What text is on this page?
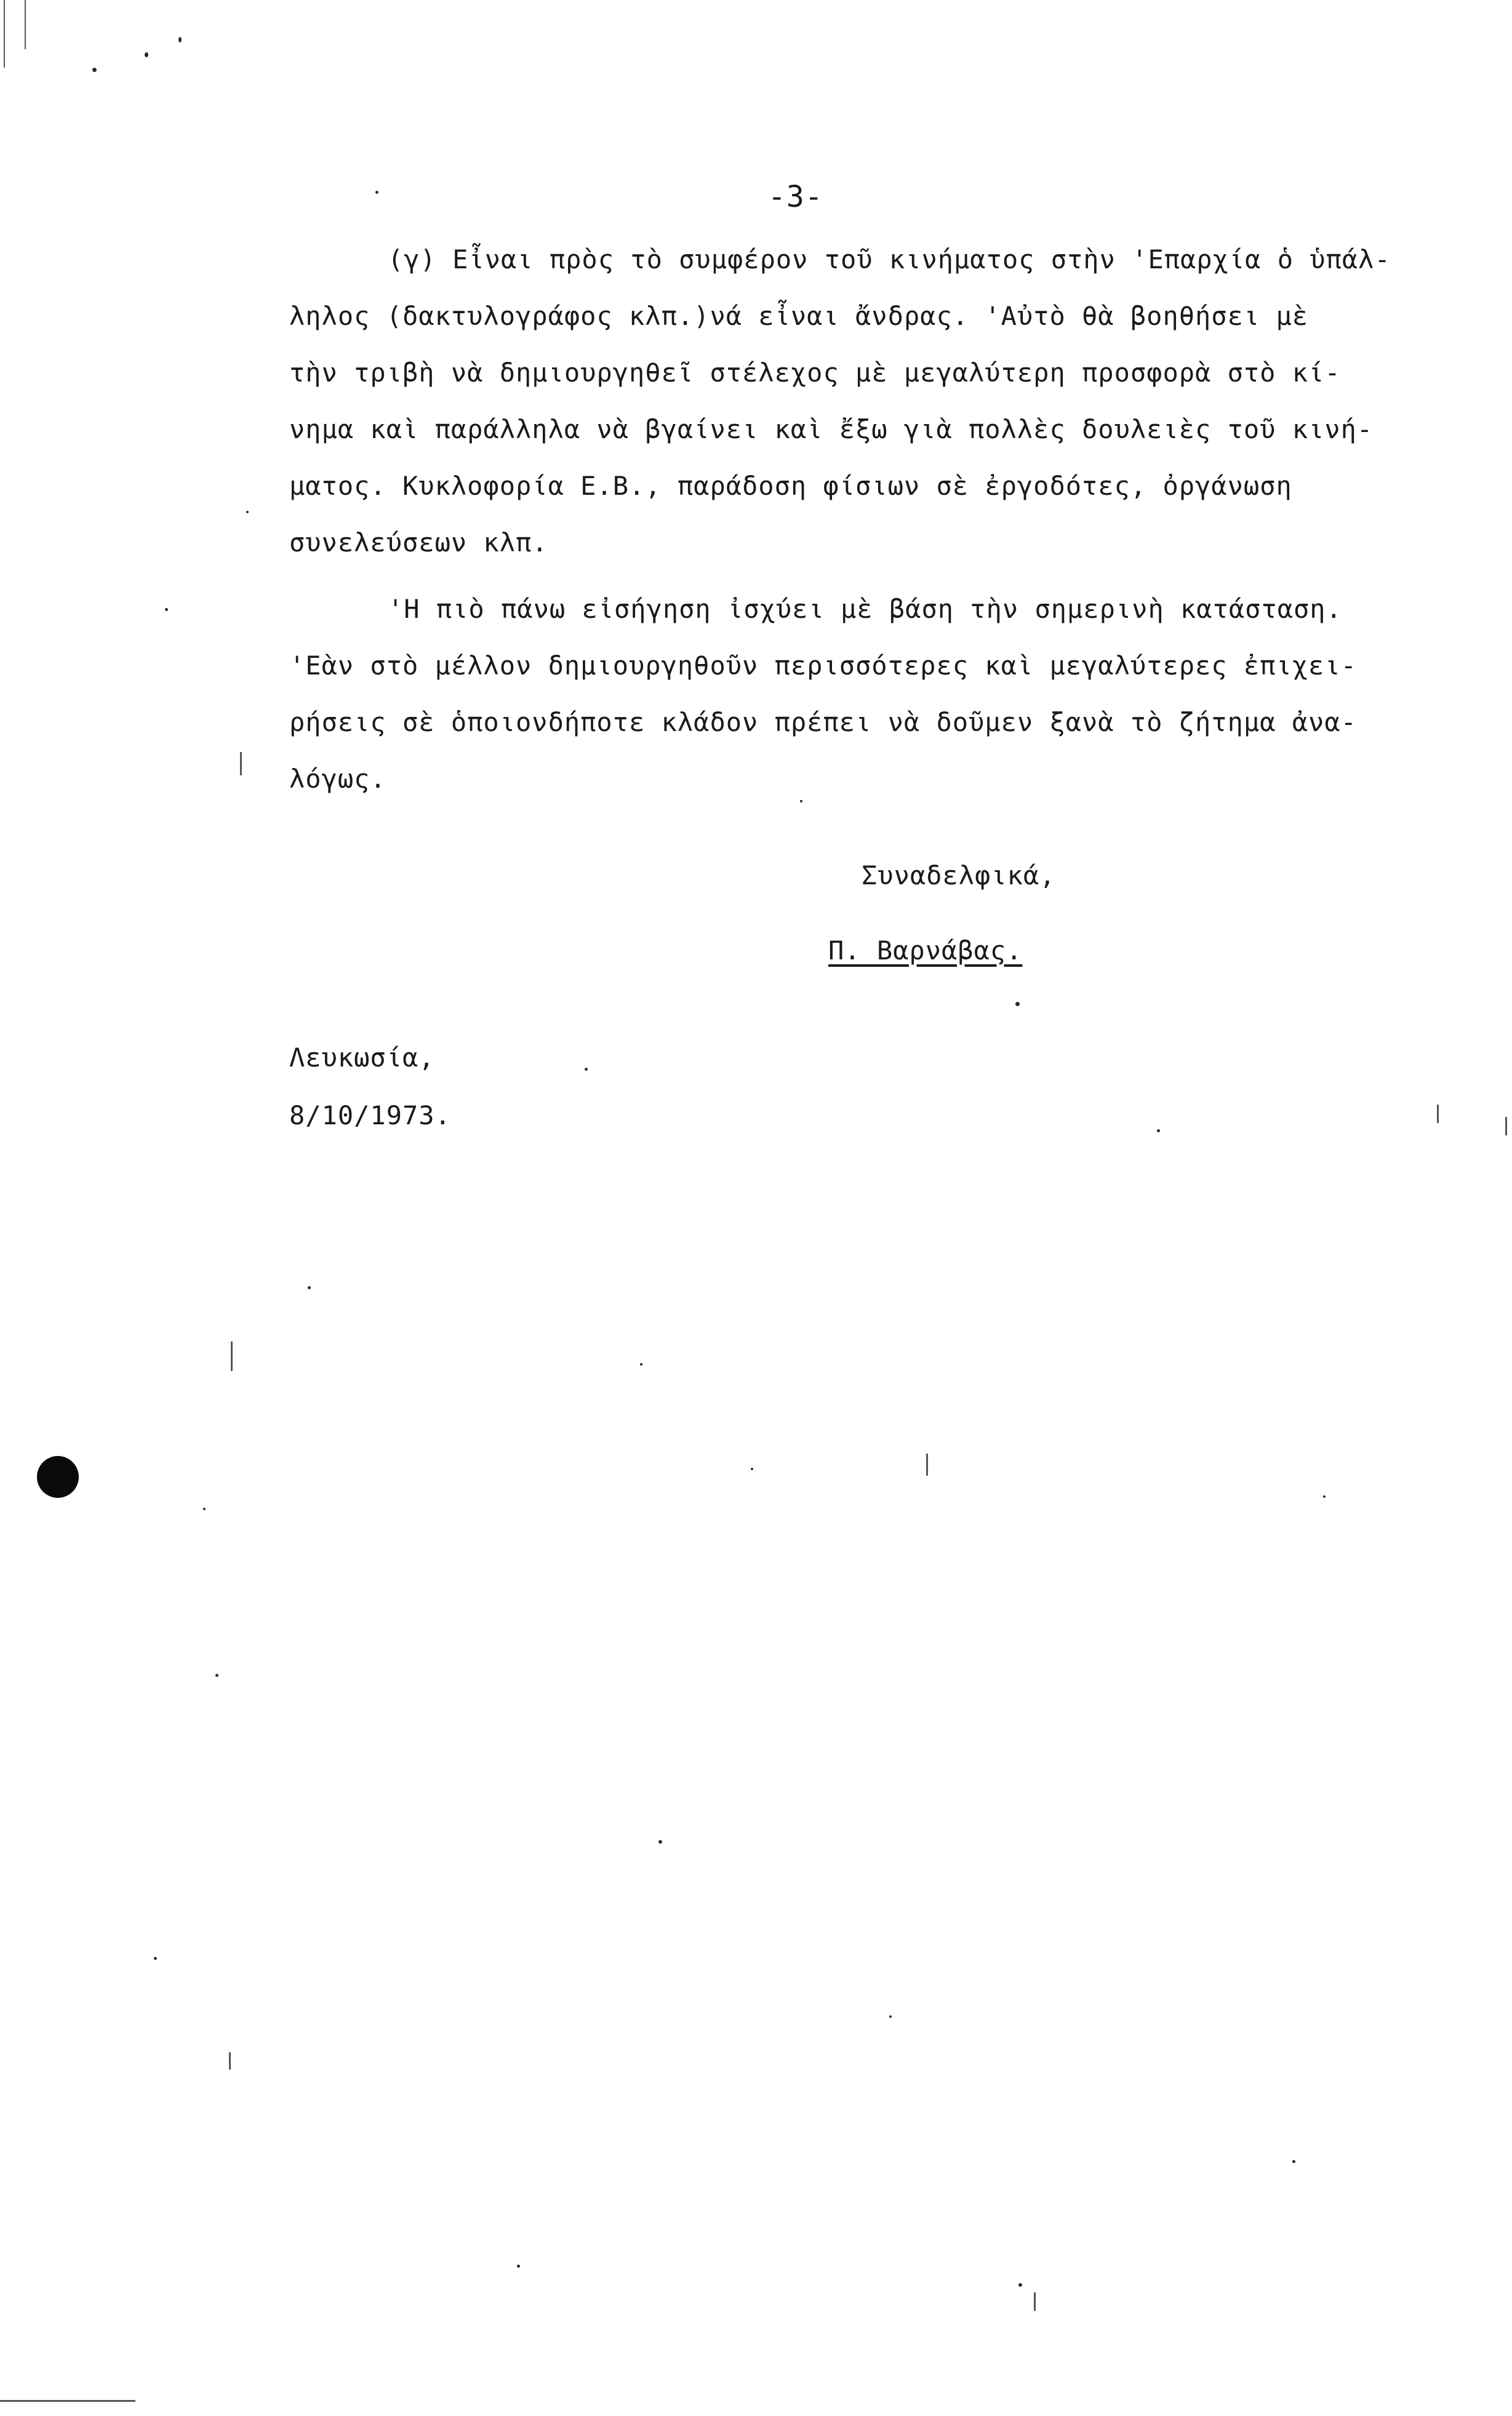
-3-
(γ) Εἶναι πρὸς τὸ συμφέρον τοῦ κινήματος στὴν 'Επαρχία ὁ ὑπάλ-
ληλος (δακτυλογράφος κλπ.)νά εἶναι ἄνδρας. 'Αὐτὸ θὰ βοηθήσει μὲ
τὴν τριβὴ νὰ δημιουργηθεῖ στέλεχος μὲ μεγαλύτερη προσφορὰ στὸ κί-
νημα καὶ παράλληλα νὰ βγαίνει καὶ ἔξω γιὰ πολλὲς δουλειὲς τοῦ κινή-
ματος. Κυκλοφορία Ε.Β., παράδοση φίσιων σὲ ἐργοδότες, ὀργάνωση
συνελεύσεων κλπ.
'Η πιὸ πάνω εἰσήγηση ἰσχύει μὲ βάση τὴν σημερινὴ κατάσταση.
'Εὰν στὸ μέλλον δημιουργηθοῦν περισσότερες καὶ μεγαλύτερες ἐπιχει-
ρήσεις σὲ ὁποιονδήποτε κλάδον πρέπει νὰ δοῦμεν ξανὰ τὸ ζήτημα ἀνα-
λόγως.
Συναδελφικά,
Π. Βαρνάβας.
Λευκωσία,
8/10/1973.
